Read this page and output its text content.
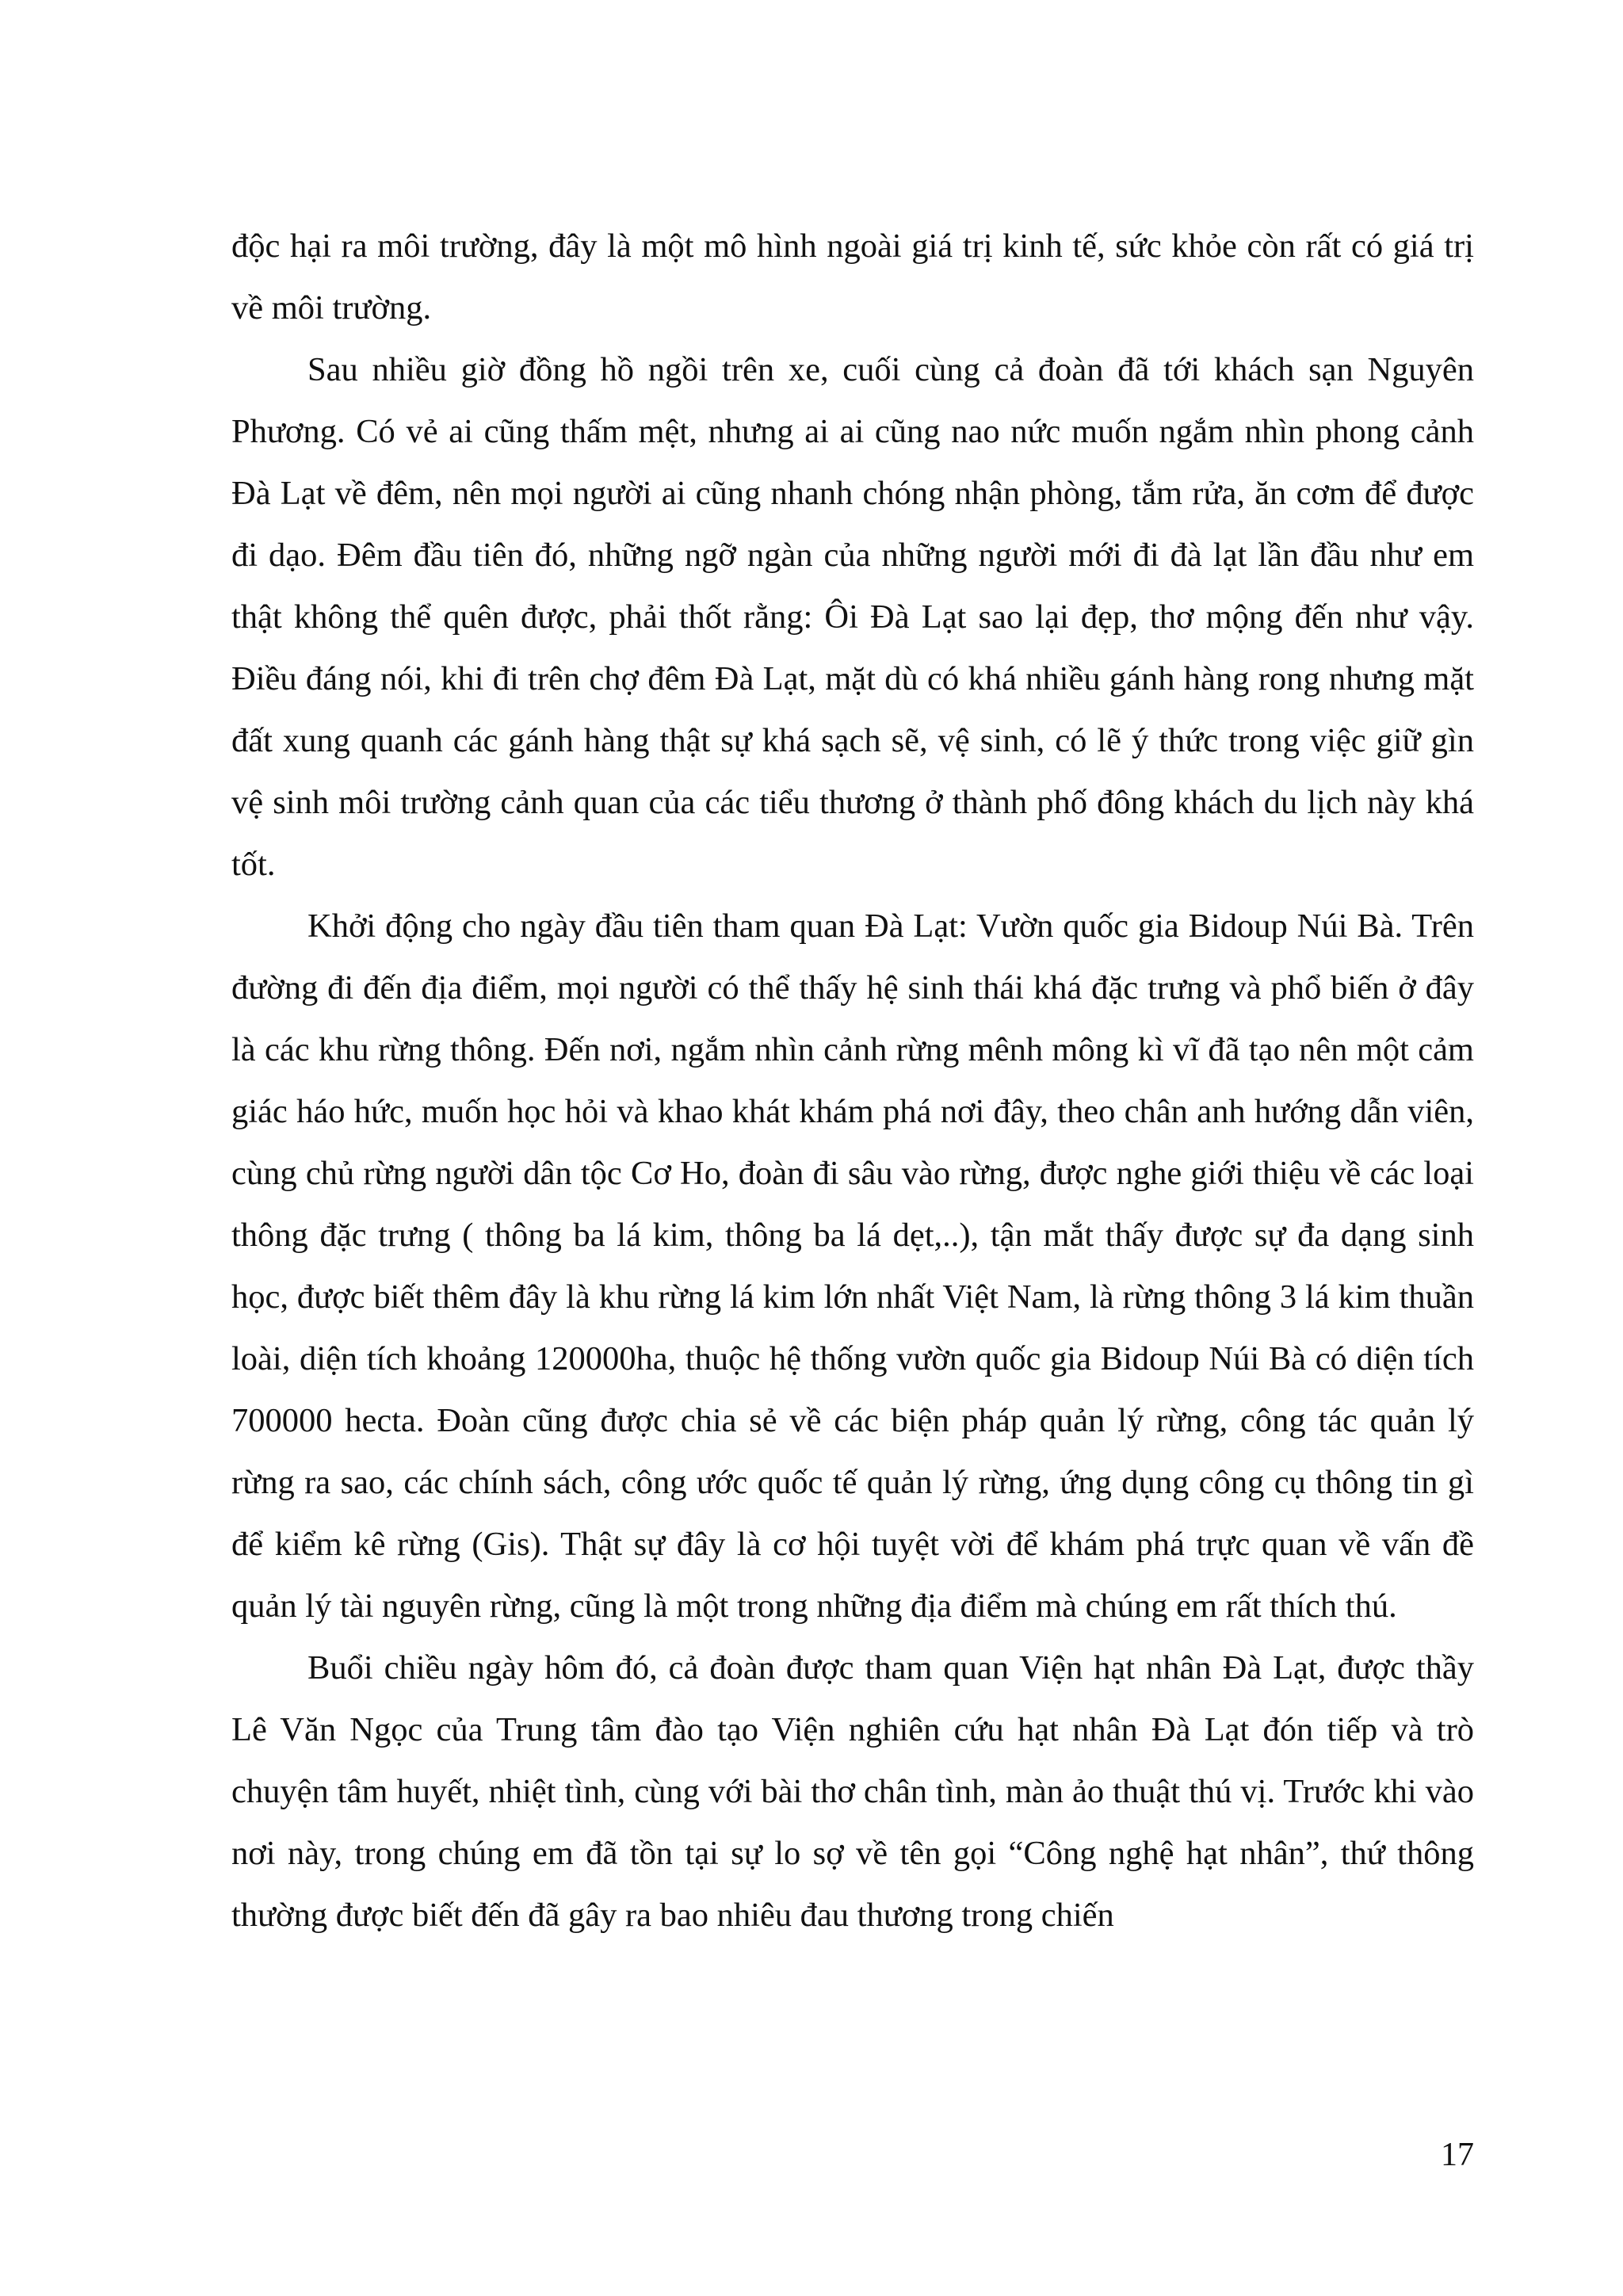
độc hại ra môi trường, đây là một mô hình ngoài giá trị kinh tế, sức khỏe còn rất có giá trị về môi trường.

Sau nhiều giờ đồng hồ ngồi trên xe, cuối cùng cả đoàn đã tới khách sạn Nguyên Phương. Có vẻ ai cũng thấm mệt, nhưng ai ai cũng nao nức muốn ngắm nhìn phong cảnh Đà Lạt về đêm, nên mọi người ai cũng nhanh chóng nhận phòng, tắm rửa, ăn cơm để được đi dạo. Đêm đầu tiên đó, những ngỡ ngàn của những người mới đi đà lạt lần đầu như em thật không thể quên được, phải thốt rằng: Ôi Đà Lạt sao lại đẹp, thơ mộng đến như vậy. Điều đáng nói, khi đi trên chợ đêm Đà Lạt, mặt dù có khá nhiều gánh hàng rong nhưng mặt đất xung quanh các gánh hàng thật sự khá sạch sẽ, vệ sinh, có lẽ ý thức trong việc giữ gìn vệ sinh môi trường cảnh quan của các tiểu thương ở thành phố đông khách du lịch này khá tốt.

Khởi động cho ngày đầu tiên tham quan Đà Lạt: Vườn quốc gia Bidoup Núi Bà. Trên đường đi đến địa điểm, mọi người có thể thấy hệ sinh thái khá đặc trưng và phổ biến ở đây là các khu rừng thông. Đến nơi, ngắm nhìn cảnh rừng mênh mông kì vĩ đã tạo nên một cảm giác háo hức, muốn học hỏi và khao khát khám phá nơi đây, theo chân anh hướng dẫn viên, cùng chủ rừng người dân tộc Cơ Ho, đoàn đi sâu vào rừng, được nghe giới thiệu về các loại thông đặc trưng ( thông ba lá kim, thông ba lá dẹt,..), tận mắt thấy được sự đa dạng sinh học, được biết thêm đây là khu rừng lá kim lớn nhất Việt Nam, là rừng thông 3 lá kim thuần loài, diện tích khoảng 120000ha, thuộc hệ thống vườn quốc gia Bidoup Núi Bà có diện tích 700000 hecta. Đoàn cũng được chia sẻ về các biện pháp quản lý rừng, công tác quản lý rừng ra sao, các chính sách, công ước quốc tế quản lý rừng, ứng dụng công cụ thông tin gì để kiểm kê rừng (Gis). Thật sự đây là cơ hội tuyệt vời để khám phá trực quan về vấn đề quản lý tài nguyên rừng, cũng là một trong những địa điểm mà chúng em rất thích thú.

Buổi chiều ngày hôm đó, cả đoàn được tham quan Viện hạt nhân Đà Lạt, được thầy Lê Văn Ngọc của Trung tâm đào tạo Viện nghiên cứu hạt nhân Đà Lạt đón tiếp và trò chuyện tâm huyết, nhiệt tình, cùng với bài thơ chân tình, màn ảo thuật thú vị. Trước khi vào nơi này, trong chúng em đã tồn tại sự lo sợ về tên gọi “Công nghệ hạt nhân”, thứ thông thường được biết đến đã gây ra bao nhiêu đau thương trong chiến

17
